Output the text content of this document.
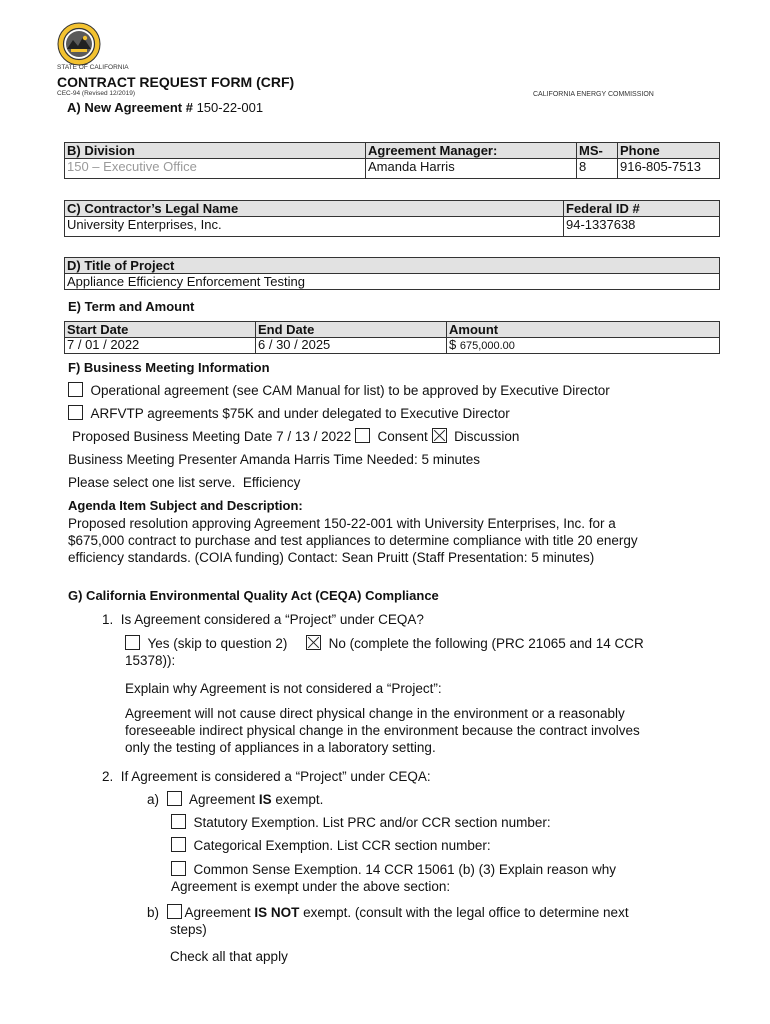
STATE OF CALIFORNIA
CONTRACT REQUEST FORM (CRF)
CEC-94 (Revised 12/2019)	CALIFORNIA ENERGY COMMISSION
A) New Agreement # 150-22-001
B) Division	Agreement Manager:	MS-	Phone
150 – Executive Office	Amanda Harris	8	916-805-7513
C) Contractor’s Legal Name	Federal ID #
University Enterprises, Inc.	94-1337638
D) Title of Project
Appliance Efficiency Enforcement Testing
E) Term and Amount
Start Date	End Date	Amount
7 / 01 / 2022	6 / 30 / 2025	$ 675,000.00
F) Business Meeting Information
Operational agreement (see CAM Manual for list) to be approved by Executive Director
ARFVTP agreements $75K and under delegated to Executive Director
Proposed Business Meeting Date 7 / 13 / 2022 Consent Discussion
Business Meeting Presenter Amanda Harris Time Needed: 5 minutes
Please select one list serve. Efficiency
Agenda Item Subject and Description:
Proposed resolution approving Agreement 150-22-001 with University Enterprises, Inc. for a
$675,000 contract to purchase and test appliances to determine compliance with title 20 energy
efficiency standards. (COIA funding) Contact: Sean Pruitt (Staff Presentation: 5 minutes)
G) California Environmental Quality Act (CEQA) Compliance
1. Is Agreement considered a “Project” under CEQA?
Yes (skip to question 2)	No (complete the following (PRC 21065 and 14 CCR
15378)):
Explain why Agreement is not considered a “Project”:
Agreement will not cause direct physical change in the environment or a reasonably
foreseeable indirect physical change in the environment because the contract involves
only the testing of appliances in a laboratory setting.
2. If Agreement is considered a “Project” under CEQA:
a) Agreement IS exempt.
Statutory Exemption. List PRC and/or CCR section number:
Categorical Exemption. List CCR section number:
Common Sense Exemption. 14 CCR 15061 (b) (3) Explain reason why
Agreement is exempt under the above section:
b) Agreement IS NOT exempt. (consult with the legal office to determine next
steps)
Check all that apply
